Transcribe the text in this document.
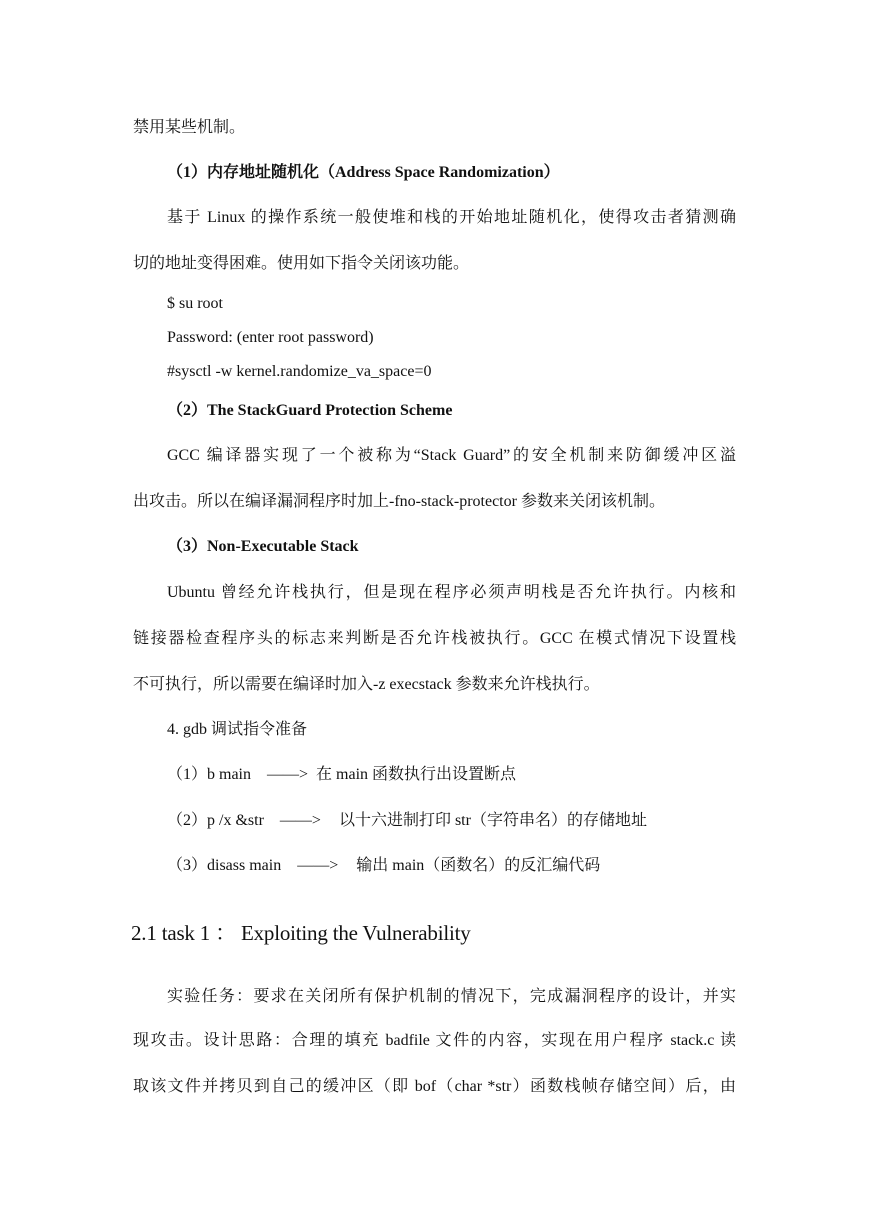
禁用某些机制。
（1）内存地址随机化（Address Space Randomization）
基于 Linux 的操作系统一般使堆和栈的开始地址随机化，使得攻击者猜测确
切的地址变得困难。使用如下指令关闭该功能。
$ su root
Password: (enter root password)
#sysctl -w kernel.randomize_va_space=0
（2）The StackGuard Protection Scheme
GCC 编译器实现了一个被称为“Stack Guard”的安全机制来防御缓冲区溢
出攻击。所以在编译漏洞程序时加上-fno-stack-protector 参数来关闭该机制。
（3）Non-Executable Stack
Ubuntu 曾经允许栈执行，但是现在程序必须声明栈是否允许执行。内核和
链接器检查程序头的标志来判断是否允许栈被执行。GCC 在模式情况下设置栈
不可执行，所以需要在编译时加入-z execstack 参数来允许栈执行。
4. gdb 调试指令准备
（1）b main ——> 在 main 函数执行出设置断点
（2）p /x &str ——> 以十六进制打印 str（字符串名）的存储地址
（3）disass main ——> 输出 main（函数名）的反汇编代码
2.1 task 1 ： Exploiting the Vulnerability
实验任务：要求在关闭所有保护机制的情况下，完成漏洞程序的设计，并实
现攻击。设计思路：合理的填充 badfile 文件的内容，实现在用户程序 stack.c 读
取该文件并拷贝到自己的缓冲区（即 bof（char *str）函数栈帧存储空间）后，由
